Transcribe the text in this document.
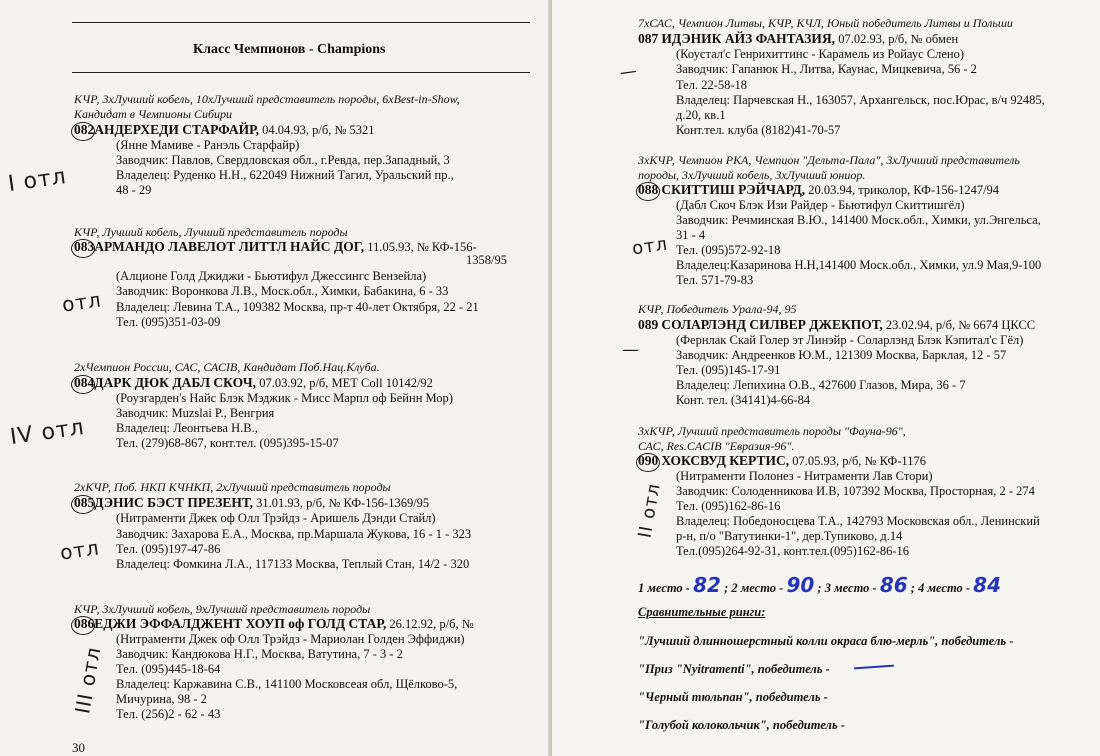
Класс Чемпионов - Champions
КЧР, 3хЛучший кобель, 10хЛучший представитель породы, 6хBest-in-Show,
Кандидат в Чемпионы Сибири
082АНДЕРХЕДИ СТАРФАЙР, 04.04.93, р/б, № 5321
(Янне Мамиве - Ранэль Старфайр)
Заводчик: Павлов, Свердловская обл., г.Ревда, пер.Западный, 3
Владелец: Руденко Н.Н., 622049 Нижний Тагил, Уральский пр.,
48 - 29
I отл
КЧР, Лучший кобель, Лучший представитель породы
083АРМАНДО ЛАВЕЛОТ ЛИТТЛ НАЙС ДОГ, 11.05.93, № КФ-156-
1358/95
(Алционе Голд Джиджи - Бьютифул Джессингс Вензейла)
Заводчик: Воронкова Л.В., Моск.обл., Химки, Бабакина, 6 - 33
Владелец: Левина Т.А., 109382 Москва, пр-т 40-лет Октября, 22 - 21
Тел. (095)351-03-09
отл
2хЧемпион России, САС, САСIB, Кандидат Поб.Нац.Клуба.
084ДАРК ДЮК ДАБЛ СКОЧ, 07.03.92, р/б, МЕТ Coll 10142/92
(Роузгарден's Найс Блэк Мэджик - Мисс Марпл оф Бейнн Мор)
Заводчик: Muzslai P., Венгрия
Владелец: Леонтьева Н.В.,
Тел. (279)68-867, конт.тел. (095)395-15-07
IV отл
2хКЧР, Поб. НКП КЧНКП, 2хЛучший представитель породы
085ДЭНИС БЭСТ ПРЕЗЕНТ, 31.01.93, р/б, № КФ-156-1369/95
(Нитраменти Джек оф Олл Трэйдз - Аришель Дэнди Стайл)
Заводчик: Захарова Е.А., Москва, пр.Маршала Жукова, 16 - 1 - 323
Тел. (095)197-47-86
Владелец: Фомкина Л.А., 117133 Москва, Теплый Стан, 14/2 - 320
отл
КЧР, 3хЛучший кобель, 9хЛучший представитель породы
086ЕДЖИ ЭФФАЛДЖЕНТ ХОУП оф ГОЛД СТАР, 26.12.92, р/б, №
(Нитраменти Джек оф Олл Трэйдз - Мариолан Голден Эффиджи)
Заводчик: Кандюкова Н.Г., Москва, Ватутина, 7 - 3 - 2
Тел. (095)445-18-64
Владелец: Каржавина С.В., 141100 Московсеая обл, Щёлково-5,
Мичурина, 98 - 2
Тел. (256)2 - 62 - 43
III отл
30
7хСАС, Чемпион Литвы, КЧР, КЧЛ, Юный победитель Литвы и Польши
087 ИДЭНИК АЙЗ ФАНТАЗИЯ, 07.02.93, р/б, № обмен
(Коустал'с Генрихиттинс - Карамель из Ройаус Слено)
Заводчик: Гапанюк Н., Литва, Каунас, Мицкевича, 56 - 2
Тел. 22-58-18
Владелец: Парчевская Н., 163057, Архангельск, пос.Юрас, в/ч 92485,
д.20, кв.1
Конт.тел. клуба (8182)41-70-57
—
3хКЧР, Чемпион РКА, Чемпион "Дельта-Пала", 3хЛучший представитель
породы, 3хЛучший кобель, 3хЛучший юниор.
088 СКИТТИШ РЭЙЧАРД, 20.03.94, триколор, КФ-156-1247/94
(Дабл Скоч Блэк Изи Райдер - Бьютифул Скиттишгёл)
Заводчик: Речминская В.Ю., 141400 Моск.обл., Химки, ул.Энгельса,
31 - 4
Тел. (095)572-92-18
Владелец:Казаринова Н.Н,141400 Моск.обл., Химки, ул.9 Мая,9-100
Тел. 571-79-83
отл
КЧР, Победитель Урала-94, 95
089 СОЛАРЛЭНД СИЛВЕР ДЖЕКПОТ, 23.02.94, р/б, № 6674 ЦКСС
(Фернлак Скай Голер эт Линэйр - Соларлэнд Блэк Кэпитал'с Гёл)
Заводчик: Андреенков Ю.М., 121309 Москва, Барклая, 12 - 57
Тел. (095)145-17-91
Владелец: Лепихина О.В., 427600 Глазов, Мира, 36 - 7
Конт. тел. (34141)4-66-84
—
3хКЧР, Лучший представитель породы "Фауна-96",
САС, Res.CACIB "Евразия-96".
090 ХОКСВУД КЕРТИС, 07.05.93, р/б, № КФ-1176
(Нитраменти Полонез - Нитраменти Лав Стори)
Заводчик: Солоденникова И.В, 107392 Москва, Просторная, 2 - 274
Тел. (095)162-86-16
Владелец: Победоносцева Т.А., 142793 Московская обл., Ленинский
р-н, п/о "Ватутинки-1", дер.Тупиково, д.14
Тел.(095)264-92-31, конт.тел.(095)162-86-16
II отл
1 место - 82 ; 2 место - 90 ; 3 место - 86 ; 4 место - 84
Сравнительные ринги:
"Лучший длинношерстный колли окраса блю-мерль", победитель -
"Приз "Nyitramenti", победитель -
"Черный тюльпан", победитель -
"Голубой колокольчик", победитель -
